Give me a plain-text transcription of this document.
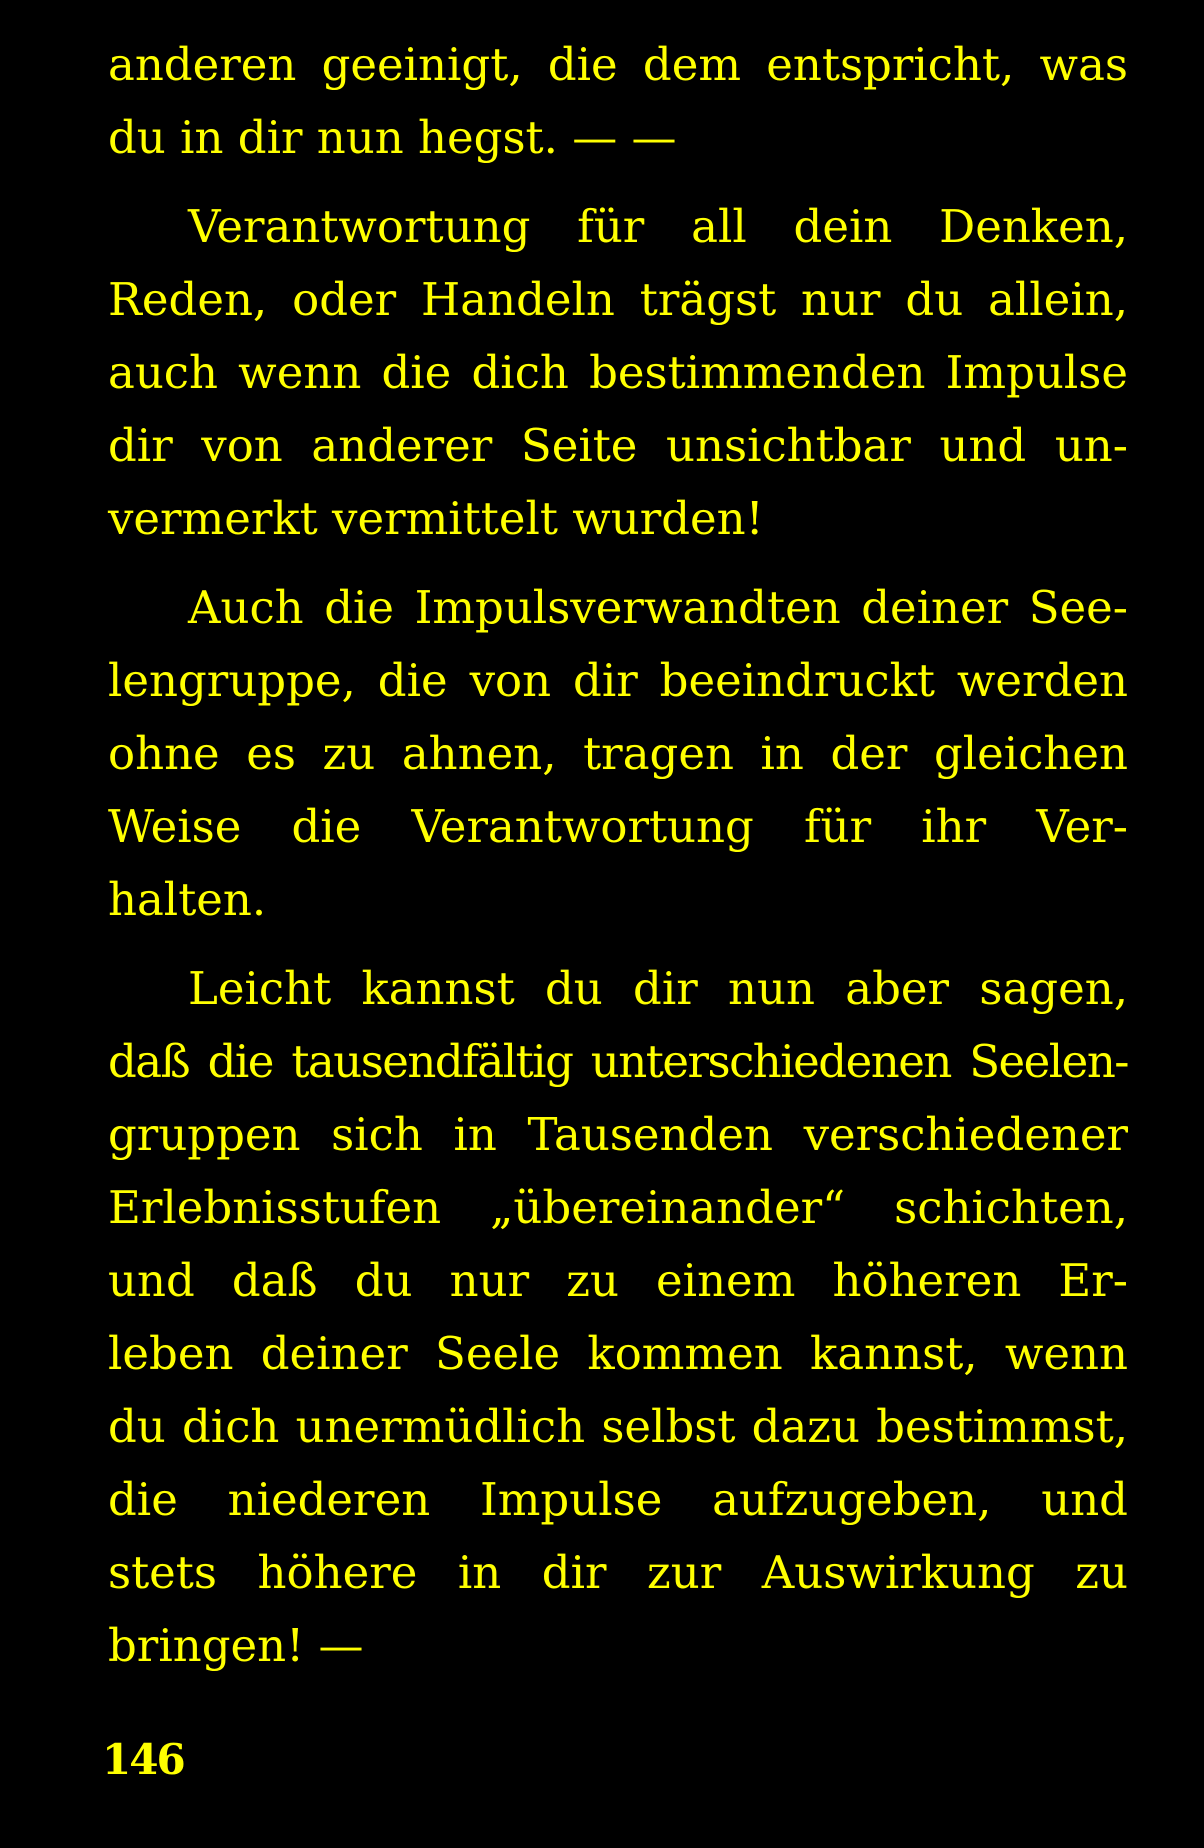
anderen geeinigt, die dem entspricht, was
du in dir nun hegst. — —

Verantwortung für all dein Denken,
Reden, oder Handeln trägst nur du allein,
auch wenn die dich bestimmenden Impulse
dir von anderer Seite unsichtbar und un-
vermerkt vermittelt wurden!

Auch die Impulsverwandten deiner See-
lengruppe, die von dir beeindruckt werden
ohne es zu ahnen, tragen in der gleichen
Weise die Verantwortung für ihr Ver-
halten.

Leicht kannst du dir nun aber sagen,
daß die tausendfältig unterschiedenen Seelen-
gruppen sich in Tausenden verschiedener
Erlebnisstufen „übereinander“ schichten,
und daß du nur zu einem höheren Er-
leben deiner Seele kommen kannst, wenn
du dich unermüdlich selbst dazu bestimmst,
die niederen Impulse aufzugeben, und
stets höhere in dir zur Auswirkung zu
bringen! —

146
